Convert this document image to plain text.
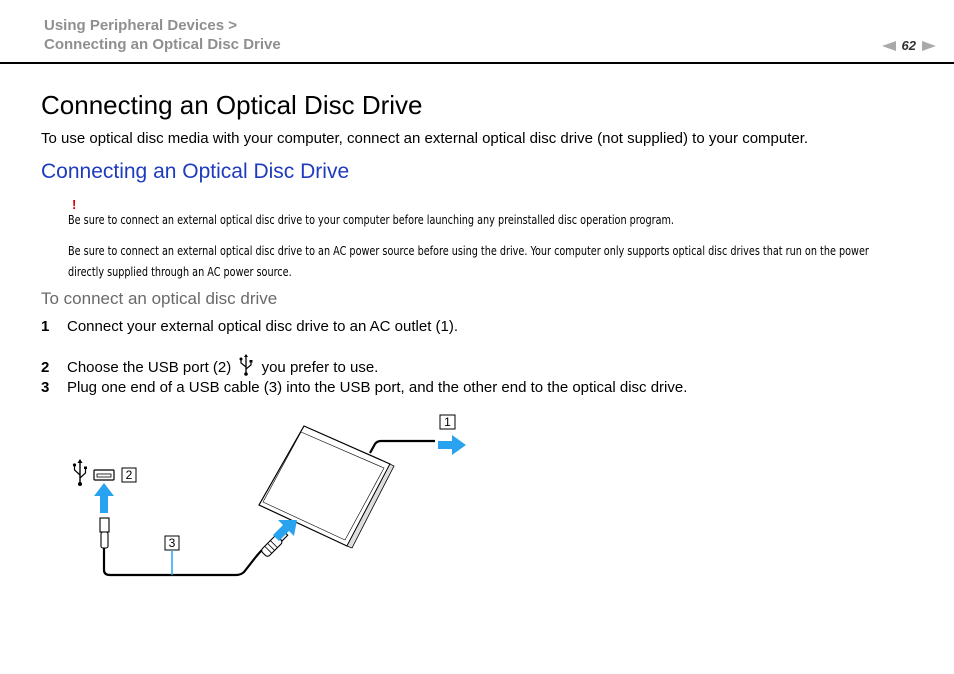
Using Peripheral Devices >
Connecting an Optical Disc Drive	62
Connecting an Optical Disc Drive
To use optical disc media with your computer, connect an external optical disc drive (not supplied) to your computer.
Connecting an Optical Disc Drive
!
Be sure to connect an external optical disc drive to your computer before launching any preinstalled disc operation program.
Be sure to connect an external optical disc drive to an AC power source before using the drive. Your computer only supports optical disc drives that run on the power directly supplied through an AC power source.
To connect an optical disc drive
1 Connect your external optical disc drive to an AC outlet (1).
2 Choose the USB port (2) you prefer to use.
3 Plug one end of a USB cable (3) into the USB port, and the other end to the optical disc drive.
1
2
3
